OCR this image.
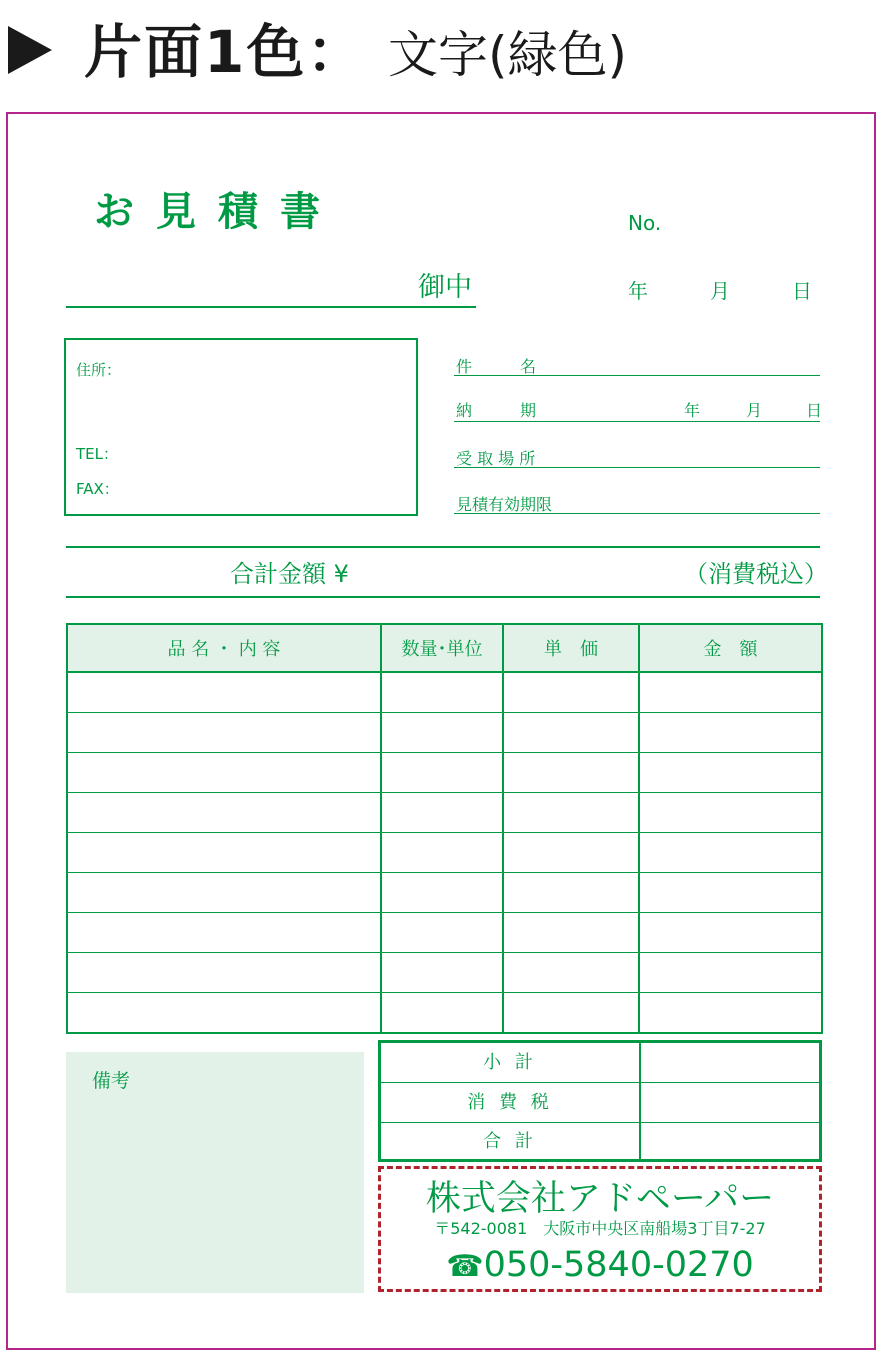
片面1色： 文字(緑色)
お見積書	No.
御中	年	月	日
住所：
TEL：
FAX：
件　　　名
納　　　期	年	月	日
受 取 場 所
見積有効期限
合計金額 ¥	（消費税込）
品 名 ・ 内 容	数量･単位	単　価	金　額

備考
小 計
消 費 税
合 計
株式会社アドペーパー
〒542-0081　大阪市中央区南船場3丁目7-27
☎050-5840-0270
